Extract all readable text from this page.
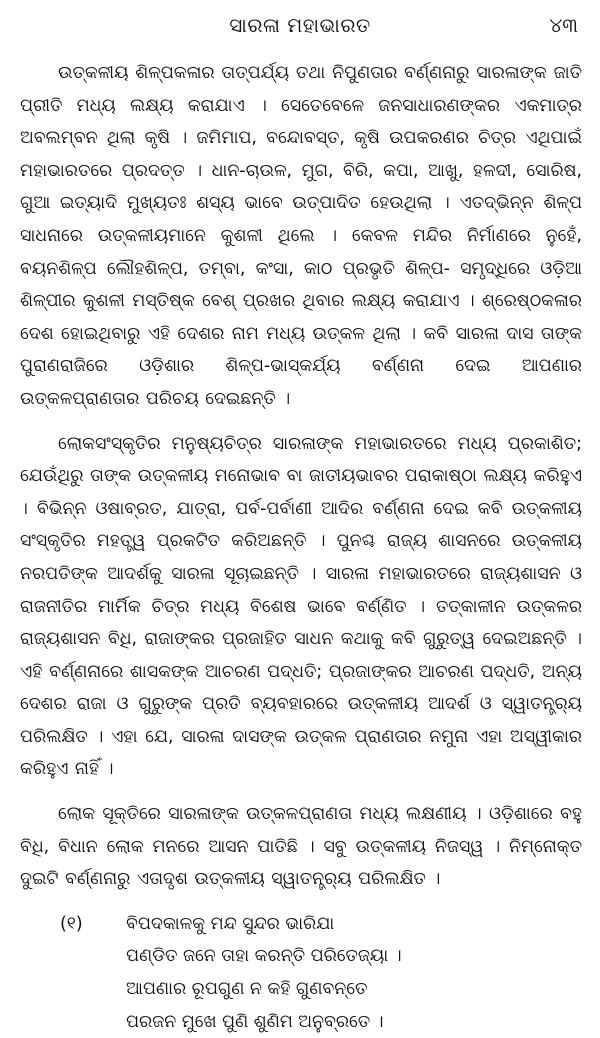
ସାରଳା ମହାଭାରତ	୪୩

ଉତ୍କଳୀୟ ଶିଳ୍ପକଳାର ତାତ୍ପର୍ଯ୍ୟ ତଥା ନିପୁଣତାର ବର୍ଣ୍ଣନାରୁ ସାରଳାଙ୍କ ଜାତି ପ୍ରୀତି ମଧ୍ୟ ଲକ୍ଷ୍ୟ କରାଯାଏ । ସେତେବେଳେ ଜନସାଧାରଣଙ୍କର ଏକମାତ୍ର ଅବଲମ୍ବନ ଥିଲା କୃଷି । ଜମିମାପ, ବନ୍ଦୋବସ୍ତ, କୃଷି ଉପକରଣର ଚିତ୍ର ଏଥିପାଇଁ ମହାଭାରତରେ ପ୍ରଦତ୍ତ । ଧାନ-ଚାଉଳ, ମୁଗ, ବିରି, କପା, ଆଖୁ, ହଳଦୀ, ସୋରିଷ, ଗୁଆ ଇତ୍ୟାଦି ମୁଖ୍ୟତଃ ଶସ୍ୟ ଭାବେ ଉତ୍ପାଦିତ ହେଉଥିଲା । ଏତଦ୍‌ଭିନ୍ନ ଶିଳ୍ପ ସାଧନାରେ ଉତ୍କଳୀୟମାନେ କୁଶଳୀ ଥିଲେ । କେବଳ ମନ୍ଦିର ନିର୍ମାଣରେ ନୁହେଁ, ବୟନଶିଳ୍ପ ଲୌହଶିଳ୍ପ, ତମ୍ବା, କଂସା, କାଠ ପ୍ରଭୃତି ଶିଳ୍ପ- ସମୃଦ୍ଧିରେ ଓଡ଼ିଆ ଶିଳ୍ପୀର କୁଶଳୀ ମସ୍ତିଷ୍କ ବେଶ୍ ପ୍ରଖର ଥିବାର ଲକ୍ଷ୍ୟ କରାଯାଏ । ଶ୍ରେଷ୍ଠକଳାର ଦେଶ ହୋଇଥିବାରୁ ଏହି ଦେଶର ନାମ ମଧ୍ୟ ଉତ୍କଳ ଥିଲା । କବି ସାରଳା ଦାସ ତାଙ୍କ ପୁରାଣରାଜିରେ ଓଡ଼ିଶାର ଶିଳ୍ପ-ଭାସ୍କର୍ଯ୍ୟ ବର୍ଣ୍ଣନା ଦେଇ ଆପଣାର ଉତ୍କଳପ୍ରାଣତାର ପରିଚୟ ଦେଇଛନ୍ତି ।

ଲୋକସଂସ୍କୃତିର ମନୁଷ୍ୟଚିତ୍ର ସାରଳାଙ୍କ ମହାଭାରତରେ ମଧ୍ୟ ପ୍ରକାଶିତ; ଯେଉଁଥିରୁ ତାଙ୍କ ଉତ୍କଳୀୟ ମନୋଭାବ ବା ଜାତୀୟଭାବର ପରାକାଷ୍ଠା ଲକ୍ଷ୍ୟ କରିହୁଏ । ବିଭିନ୍ନ ଓଷାବ୍ରତ, ଯାତ୍ରା, ପର୍ବ-ପର୍ବାଣୀ ଆଦିର ବର୍ଣ୍ଣନା ଦେଇ କବି ଉତ୍କଳୀୟ ସଂସ୍କୃତିର ମହତ୍ତ୍ୱ ପ୍ରକଟିତ କରିଅଛନ୍ତି । ପୁନଶ୍ଚ ରାଜ୍ୟ ଶାସନରେ ଉତ୍କଳୀୟ ନରପତିଙ୍କ ଆଦର୍ଶକୁ ସାରଳା ସୂଚାଇଛନ୍ତି । ସାରଳା ମହାଭାରତରେ ରାଜ୍ୟଶାସନ ଓ ରାଜନୀତିର ମାର୍ମିକ ଚିତ୍ର ମଧ୍ୟ ବିଶେଷ ଭାବେ ବର୍ଣ୍ଣିତ । ତତ୍କାଳୀନ ଉତ୍କଳର ରାଜ୍ୟଶାସନ ବିଧି, ରାଜାଙ୍କର ପ୍ରଜାହିତ ସାଧନ କଥାକୁ କବି ଗୁରୁତ୍ୱ ଦେଇଅଛନ୍ତି । ଏହି ବର୍ଣ୍ଣନାରେ ଶାସକଙ୍କ ଆଚରଣ ପଦ୍ଧତି; ପ୍ରଜାଙ୍କର ଆଚରଣ ପଦ୍ଧତି, ଅନ୍ୟ ଦେଶର ରାଜା ଓ ଗୁରୁଙ୍କ ପ୍ରତି ବ୍ୟବହାରରେ ଉତ୍କଳୀୟ ଆଦର୍ଶ ଓ ସ୍ୱାତନ୍ତ୍ର୍ୟ ପରିଲକ୍ଷିତ । ଏହା ଯେ, ସାରଳା ଦାସଙ୍କ ଉତ୍କଳ ପ୍ରାଣତାର ନମୁନା ଏହା ଅସ୍ୱୀକାର କରିହୁଏ ନାହିଁ ।

ଲୋକ ସୂକ୍ତିରେ ସାରଳାଙ୍କ ଉତ୍କଳପ୍ରାଣତା ମଧ୍ୟ ଲକ୍ଷଣୀୟ । ଓଡ଼ିଶାରେ ବହୁ ବିଧି, ବିଧାନ ଲୋକ ମନରେ ଆସନ ପାତିଛି । ସବୁ ଉତ୍କଳୀୟ ନିଜସ୍ୱ । ନିମ୍ନୋକ୍ତ ଦୁଇଟି ବର୍ଣ୍ଣନାରୁ ଏତାଦୃଶ ଉତ୍କଳୀୟ ସ୍ୱାତନ୍ତ୍ର୍ୟ ପରିଲକ୍ଷିତ ।

(୧) ବିପଦକାଳକୁ ମନ୍ଦ ସୁନ୍ଦର ଭାରିଯା
ପଣ୍ଡିତ ଜନେ ତାହା କରନ୍ତି ପରିତେଜ୍ୟା ।
ଆପଣାର ରୂପଗୁଣ ନ କହି ଗୁଣବନ୍ତେ
ପରଜନ ମୁଖେ ପୁଣି ଶୁଣିମ ଅନୁବ୍ରତେ ।
